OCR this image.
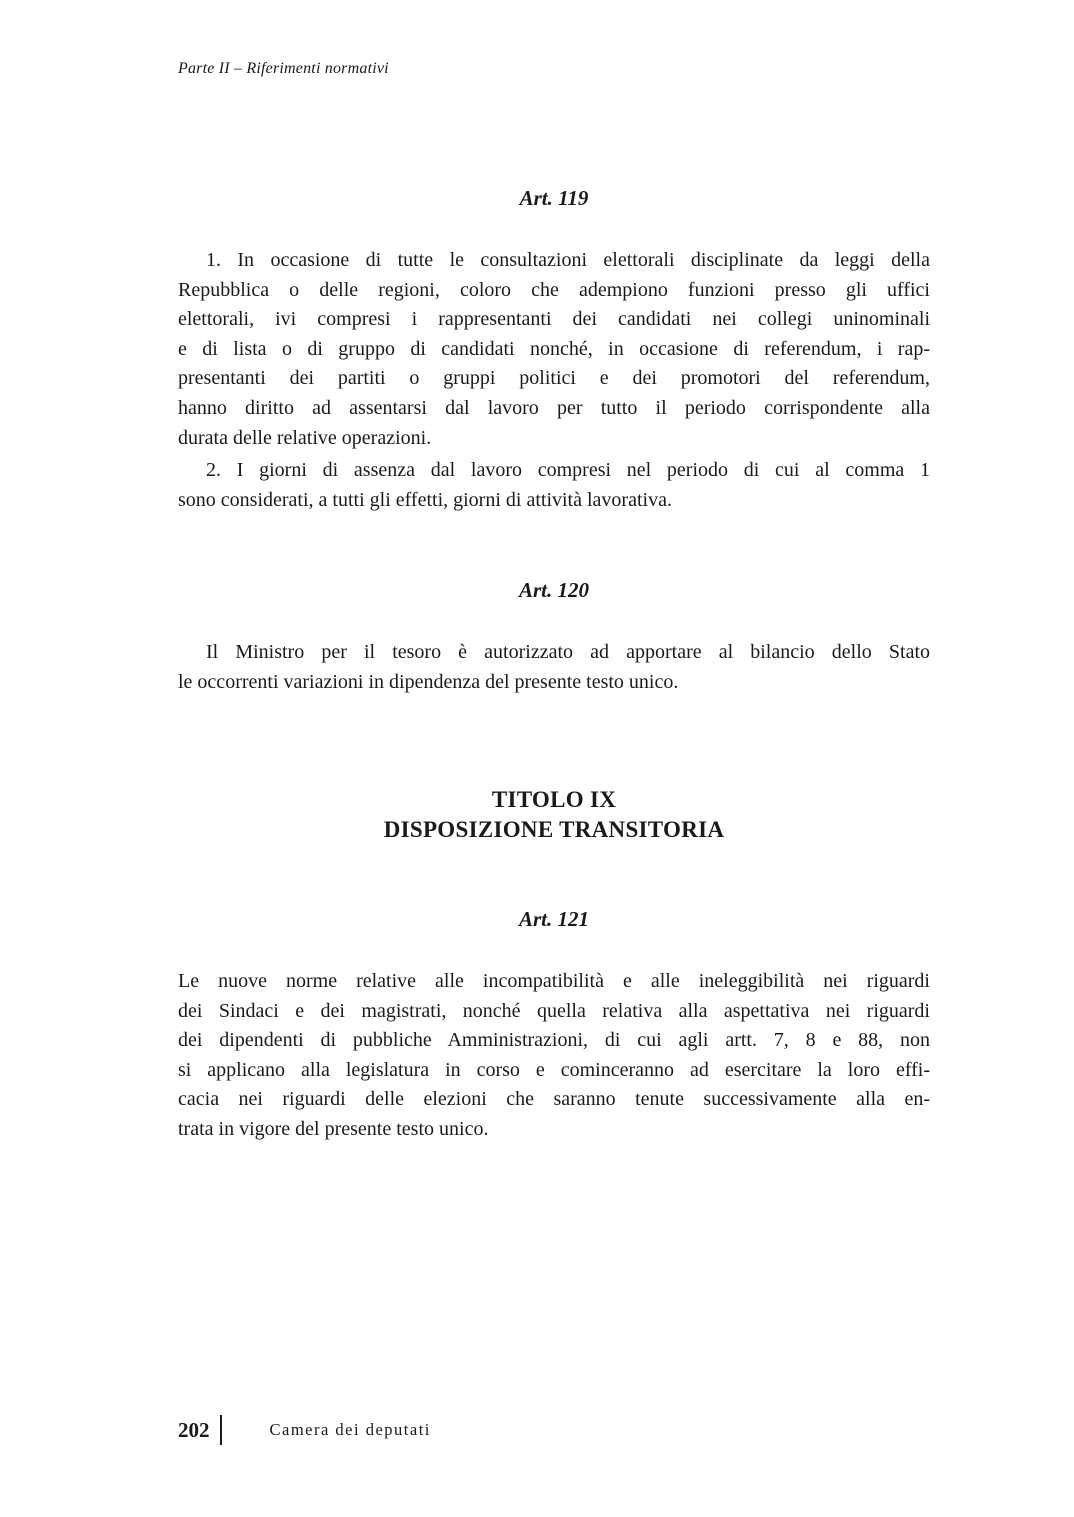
Parte II – Riferimenti normativi
Art. 119
1. In occasione di tutte le consultazioni elettorali disciplinate da leggi della
Repubblica o delle regioni, coloro che adempiono funzioni presso gli uffici
elettorali, ivi compresi i rappresentanti dei candidati nei collegi uninominali
e di lista o di gruppo di candidati nonché, in occasione di referendum, i rap-
presentanti dei partiti o gruppi politici e dei promotori del referendum,
hanno diritto ad assentarsi dal lavoro per tutto il periodo corrispondente alla
durata delle relative operazioni.
2. I giorni di assenza dal lavoro compresi nel periodo di cui al comma 1
sono considerati, a tutti gli effetti, giorni di attività lavorativa.
Art. 120
Il Ministro per il tesoro è autorizzato ad apportare al bilancio dello Stato
le occorrenti variazioni in dipendenza del presente testo unico.
TITOLO IX
DISPOSIZIONE TRANSITORIA
Art. 121
Le nuove norme relative alle incompatibilità e alle ineleggibilità nei riguardi
dei Sindaci e dei magistrati, nonché quella relativa alla aspettativa nei riguardi
dei dipendenti di pubbliche Amministrazioni, di cui agli artt. 7, 8 e 88, non
si applicano alla legislatura in corso e cominceranno ad esercitare la loro effi-
cacia nei riguardi delle elezioni che saranno tenute successivamente alla en-
trata in vigore del presente testo unico.
202	Camera dei deputati
